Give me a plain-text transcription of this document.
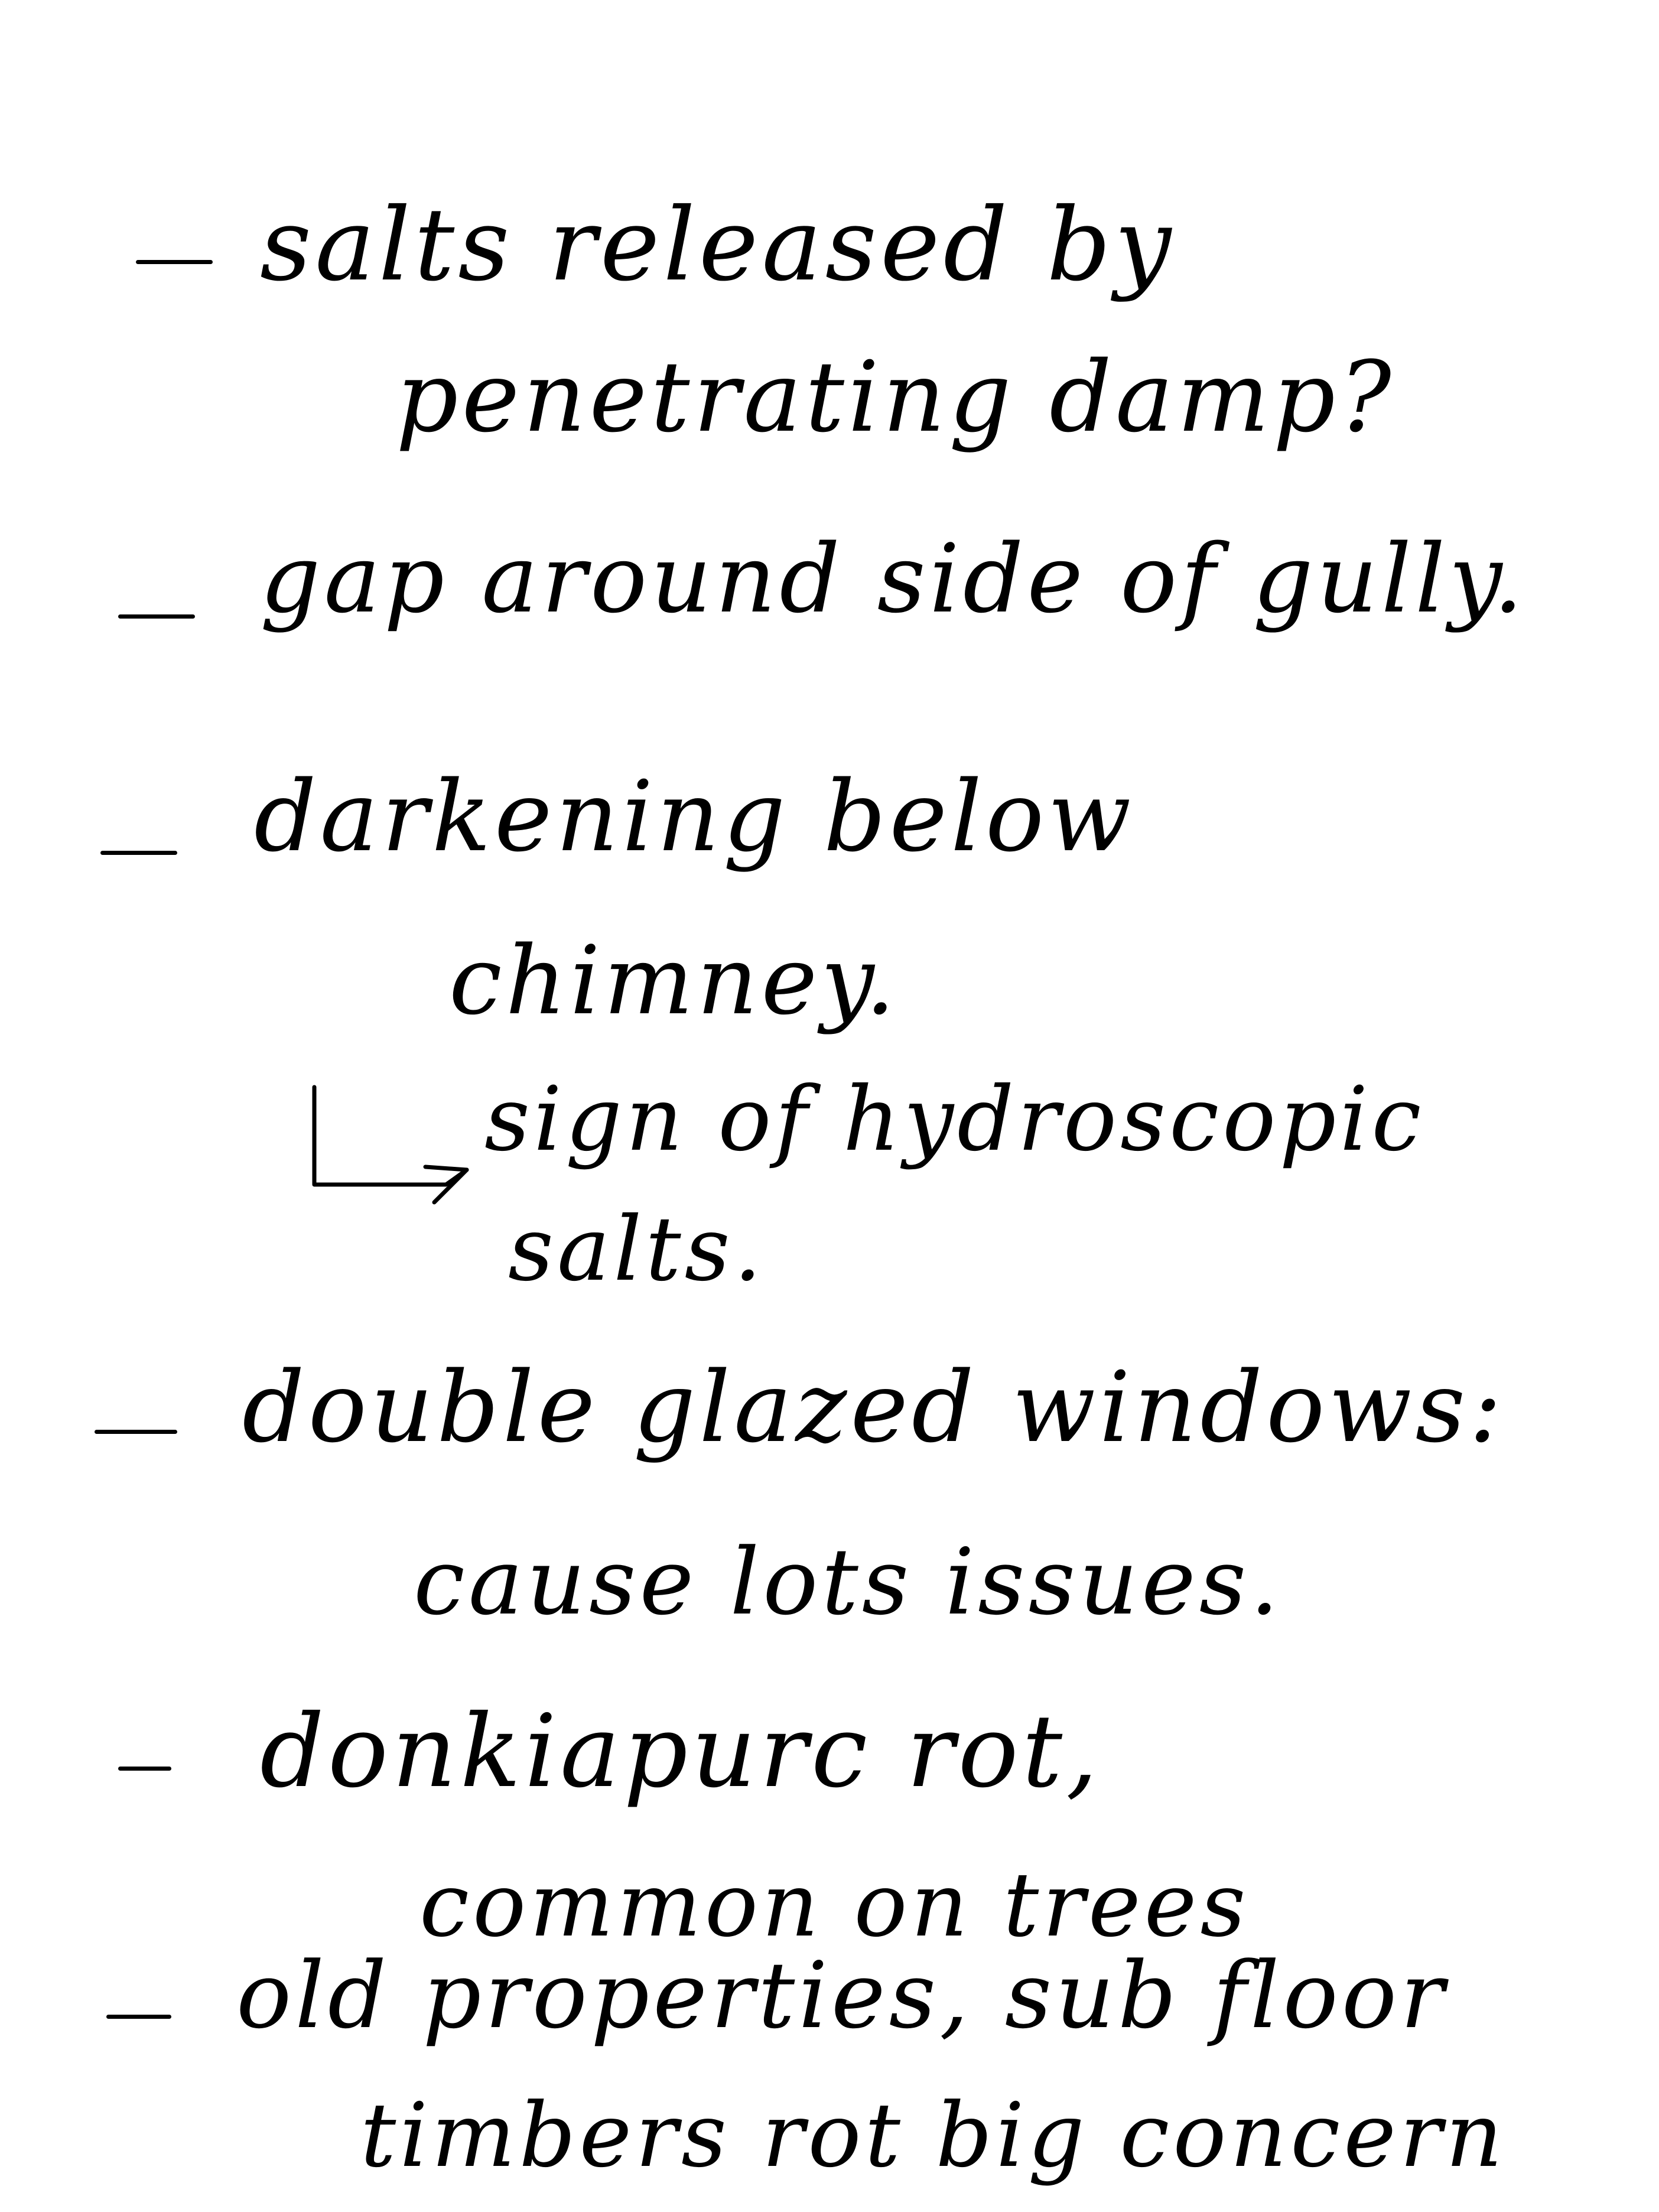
salts released by
penetrating damp?
gap around side of gully.
darkening below
chimney.
sign of hydroscopic
salts.
double glazed windows:
cause lots issues.
donkiapurc rot,
common on trees
old properties, sub floor
timbers rot big concern
